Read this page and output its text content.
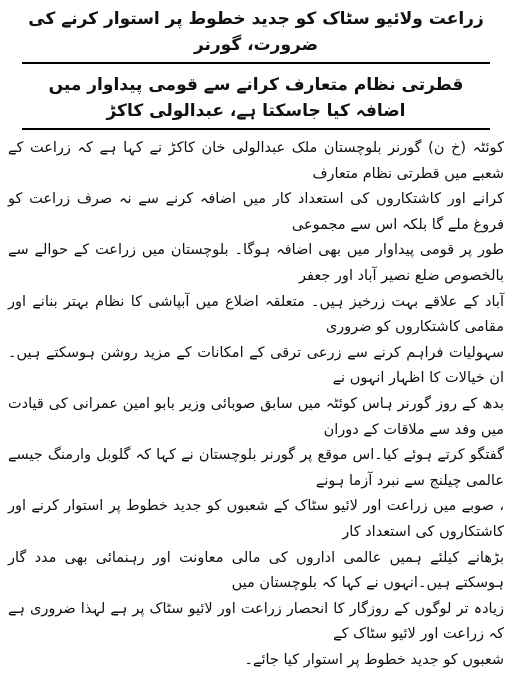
زراعت ولائیو سٹاک کو جدید خطوط پر استوار کرنے کی ضرورت، گورنر
قطرتی نظام متعارف کرانے سے قومی پیداوار میں اضافہ کیا جاسکتا ہے، عبدالولی کاکڑ

کوئٹہ (خ ن) گورنر بلوچستان ملک عبدالولی خان کاکڑ نے کہا ہے کہ زراعت کے شعبے میں قطرتی نظام متعارف

کرانے اور کاشتکاروں کی استعداد کار میں اضافہ کرنے سے نہ صرف زراعت کو فروغ ملے گا بلکہ اس سے مجموعی

طور پر قومی پیداوار میں بھی اضافہ ہوگا۔ بلوچستان میں زراعت کے حوالے سے بالخصوص ضلع نصیر آباد اور جعفر

آباد کے علاقے بہت زرخیز ہیں۔ متعلقہ اضلاع میں آبپاشی کا نظام بہتر بنانے اور مقامی کاشتکاروں کو ضروری

سہولیات فراہم کرنے سے زرعی ترقی کے امکانات کے مزید روشن ہوسکتے ہیں۔ان خیالات کا اظہار انہوں نے

بدھ کے روز گورنر ہاس کوئٹہ میں سابق صوبائی وزیر بابو امین عمرانی کی قیادت میں وفد سے ملاقات کے دوران

گفتگو کرتے ہوئے کیا۔اس موقع پر گورنر بلوچستان نے کہا کہ گلوبل وارمنگ جیسے عالمی چیلنج سے نبرد آزما ہونے

، صوبے میں زراعت اور لائیو سٹاک کے شعبوں کو جدید خطوط پر استوار کرنے اور کاشتکاروں کی استعداد کار

بڑھانے کیلئے ہمیں عالمی اداروں کی مالی معاونت اور رہنمائی بھی مدد گار ہوسکتے ہیں۔انہوں نے کہا کہ بلوچستان میں

زیادہ تر لوگوں کے روزگار کا انحصار زراعت اور لائیو سٹاک پر ہے لہذا ضروری ہے کہ زراعت اور لائیو سٹاک کے

شعبوں کو جدید خطوط پر استوار کیا جائے۔
